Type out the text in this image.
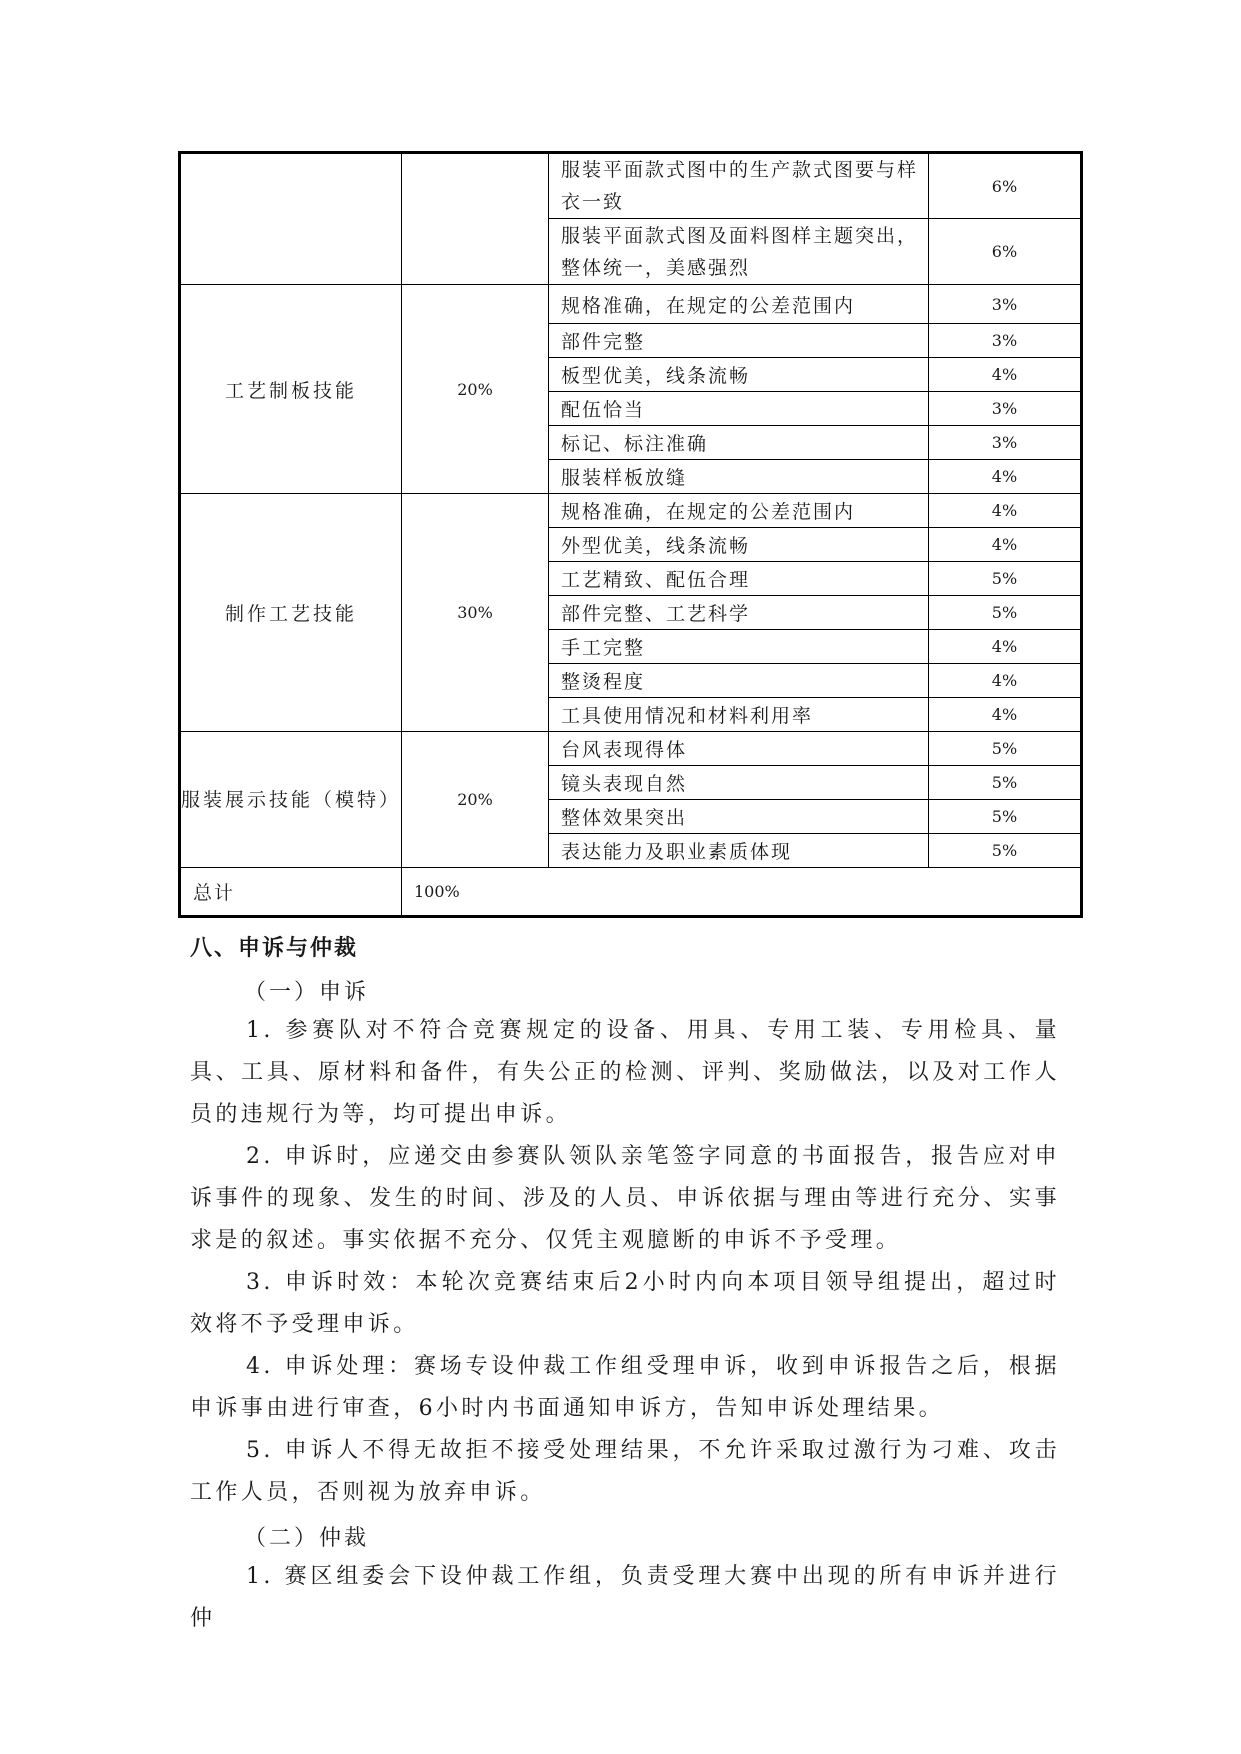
		服装平面款式图中的生产款式图要与样衣一致	6%
		服装平面款式图及面料图样主题突出，整体统一，美感强烈	6%
工艺制板技能	20%	规格准确，在规定的公差范围内	3%
		部件完整	3%
		板型优美，线条流畅	4%
		配伍恰当	3%
		标记、标注准确	3%
		服装样板放缝	4%
制作工艺技能	30%	规格准确，在规定的公差范围内	4%
		外型优美，线条流畅	4%
		工艺精致、配伍合理	5%
		部件完整、工艺科学	5%
		手工完整	4%
		整烫程度	4%
		工具使用情况和材料利用率	4%
服装展示技能（模特）	20%	台风表现得体	5%
		镜头表现自然	5%
		整体效果突出	5%
		表达能力及职业素质体现	5%
总计	100%		
八、申诉与仲裁
（一）申诉
1. 参赛队对不符合竞赛规定的设备、用具、专用工装、专用检具、量具、工具、原材料和备件，有失公正的检测、评判、奖励做法，以及对工作人员的违规行为等，均可提出申诉。
2. 申诉时，应递交由参赛队领队亲笔签字同意的书面报告，报告应对申诉事件的现象、发生的时间、涉及的人员、申诉依据与理由等进行充分、实事求是的叙述。事实依据不充分、仅凭主观臆断的申诉不予受理。
3. 申诉时效：本轮次竞赛结束后2小时内向本项目领导组提出，超过时效将不予受理申诉。
4. 申诉处理：赛场专设仲裁工作组受理申诉，收到申诉报告之后，根据申诉事由进行审查，6小时内书面通知申诉方，告知申诉处理结果。
5. 申诉人不得无故拒不接受处理结果，不允许采取过激行为刁难、攻击工作人员，否则视为放弃申诉。
（二）仲裁
1. 赛区组委会下设仲裁工作组，负责受理大赛中出现的所有申诉并进行仲
